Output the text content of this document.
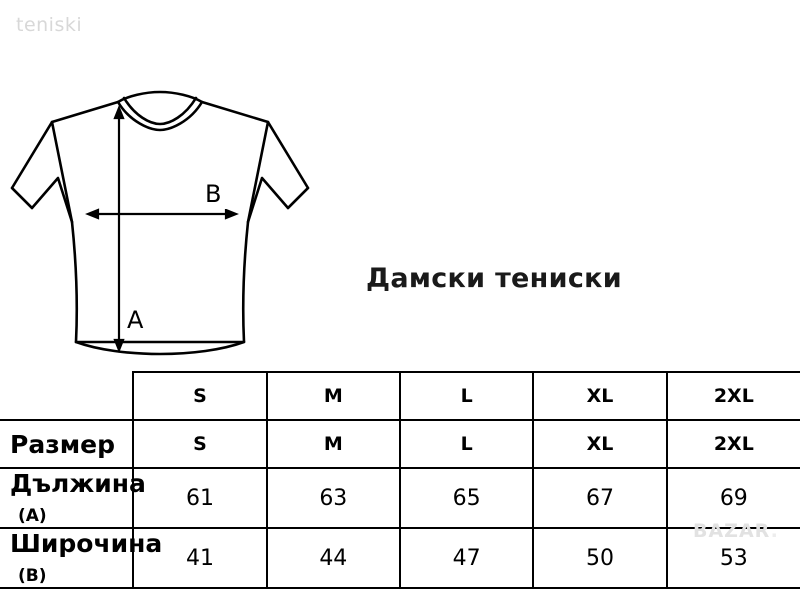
teniski
A
B
Дамски тениски
	S	M	L	XL	2XL
Размер	S	M	L	XL	2XL
Дължина(A)	61	63	65	67	69
Широчина(B)	41	44	47	50	53
BAZAR.
